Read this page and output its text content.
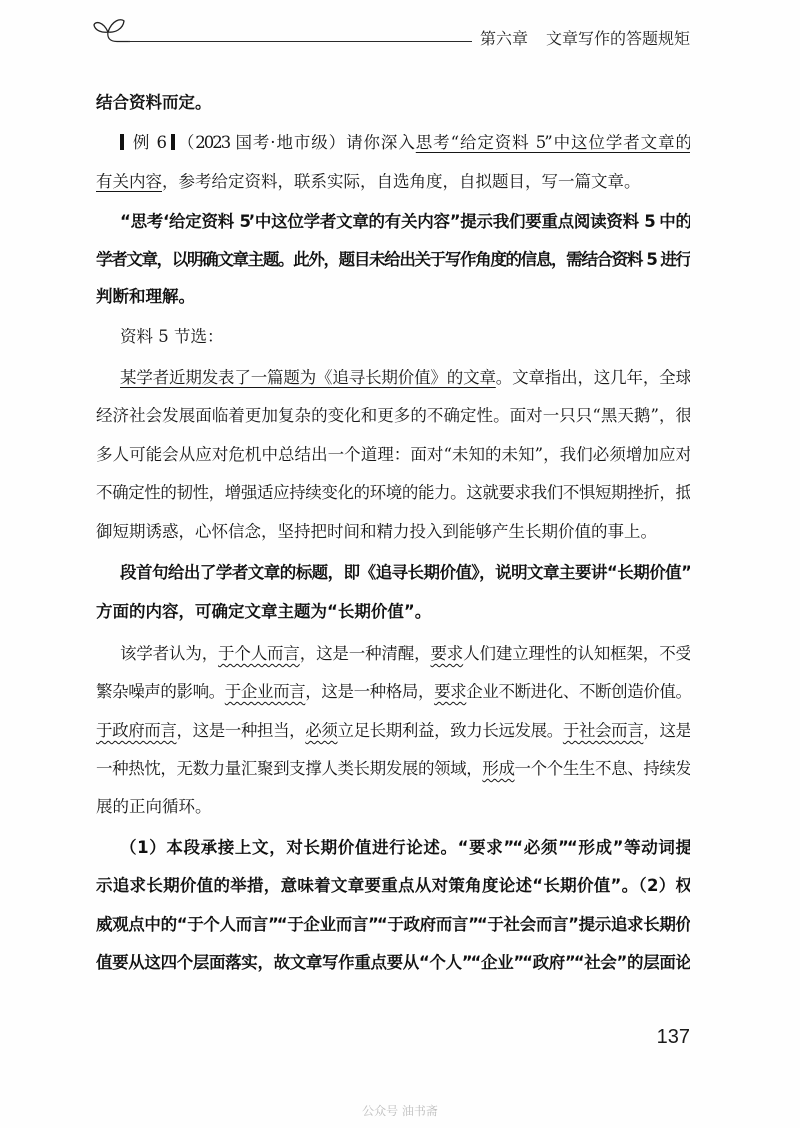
第六章 文章写作的答题规矩
结合资料而定。
例 6 （2023 国考·地市级）请你深入思考“给定资料 5”中这位学者文章的
有关内容，参考给定资料，联系实际，自选角度，自拟题目，写一篇文章。
“思考‘给定资料 5’中这位学者文章的有关内容”提示我们要重点阅读资料 5 中的
学者文章，以明确文章主题。此外，题目未给出关于写作角度的信息，需结合资料 5 进行
判断和理解。
资料 5 节选：
某学者近期发表了一篇题为《追寻长期价值》的文章。文章指出，这几年，全球
经济社会发展面临着更加复杂的变化和更多的不确定性。面对一只只“黑天鹅”，很
多人可能会从应对危机中总结出一个道理：面对“未知的未知”，我们必须增加应对
不确定性的韧性，增强适应持续变化的环境的能力。这就要求我们不惧短期挫折，抵
御短期诱惑，心怀信念，坚持把时间和精力投入到能够产生长期价值的事上。
段首句给出了学者文章的标题，即《追寻长期价值》，说明文章主要讲“长期价值”
方面的内容，可确定文章主题为“长期价值”。
该学者认为，于个人而言，这是一种清醒，要求人们建立理性的认知框架，不受
繁杂噪声的影响。于企业而言，这是一种格局，要求企业不断进化、不断创造价值。
于政府而言，这是一种担当，必须立足长期利益，致力长远发展。于社会而言，这是
一种热忱，无数力量汇聚到支撑人类长期发展的领域，形成一个个生生不息、持续发
展的正向循环。
（1）本段承接上文，对长期价值进行论述。“要求”“必须”“形成”等动词提
示追求长期价值的举措，意味着文章要重点从对策角度论述“长期价值”。（2）权
威观点中的“于个人而言”“于企业而言”“于政府而言”“于社会而言”提示追求长期价
值要从这四个层面落实，故文章写作重点要从“个人”“企业”“政府”“社会”的层面论
137
公众号 油书斋
